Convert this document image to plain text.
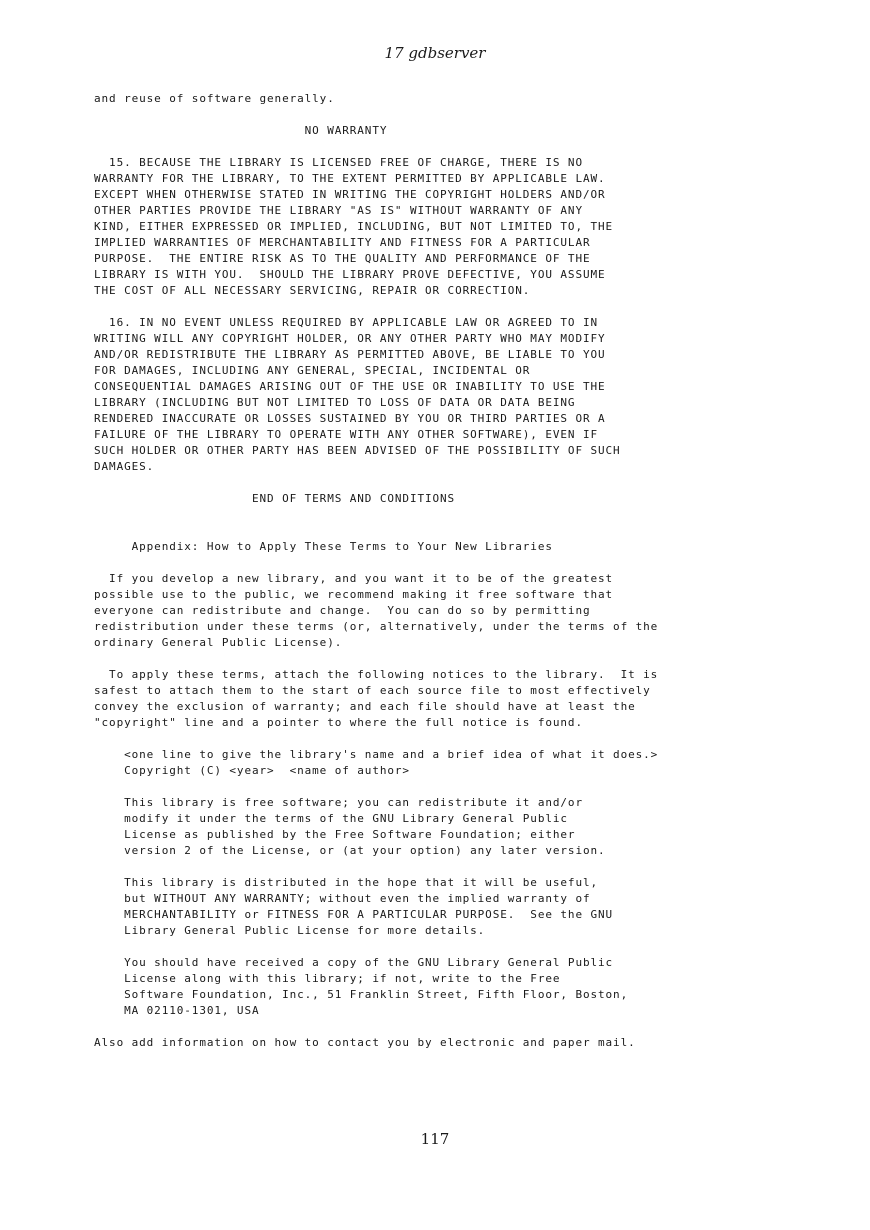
17 gdbserver
and reuse of software generally.

NO WARRANTY

15. BECAUSE THE LIBRARY IS LICENSED FREE OF CHARGE, THERE IS NO
WARRANTY FOR THE LIBRARY, TO THE EXTENT PERMITTED BY APPLICABLE LAW.
EXCEPT WHEN OTHERWISE STATED IN WRITING THE COPYRIGHT HOLDERS AND/OR
OTHER PARTIES PROVIDE THE LIBRARY "AS IS" WITHOUT WARRANTY OF ANY
KIND, EITHER EXPRESSED OR IMPLIED, INCLUDING, BUT NOT LIMITED TO, THE
IMPLIED WARRANTIES OF MERCHANTABILITY AND FITNESS FOR A PARTICULAR
PURPOSE.  THE ENTIRE RISK AS TO THE QUALITY AND PERFORMANCE OF THE
LIBRARY IS WITH YOU.  SHOULD THE LIBRARY PROVE DEFECTIVE, YOU ASSUME
THE COST OF ALL NECESSARY SERVICING, REPAIR OR CORRECTION.

16. IN NO EVENT UNLESS REQUIRED BY APPLICABLE LAW OR AGREED TO IN
WRITING WILL ANY COPYRIGHT HOLDER, OR ANY OTHER PARTY WHO MAY MODIFY
AND/OR REDISTRIBUTE THE LIBRARY AS PERMITTED ABOVE, BE LIABLE TO YOU
FOR DAMAGES, INCLUDING ANY GENERAL, SPECIAL, INCIDENTAL OR
CONSEQUENTIAL DAMAGES ARISING OUT OF THE USE OR INABILITY TO USE THE
LIBRARY (INCLUDING BUT NOT LIMITED TO LOSS OF DATA OR DATA BEING
RENDERED INACCURATE OR LOSSES SUSTAINED BY YOU OR THIRD PARTIES OR A
FAILURE OF THE LIBRARY TO OPERATE WITH ANY OTHER SOFTWARE), EVEN IF
SUCH HOLDER OR OTHER PARTY HAS BEEN ADVISED OF THE POSSIBILITY OF SUCH
DAMAGES.

END OF TERMS AND CONDITIONS

Appendix: How to Apply These Terms to Your New Libraries

If you develop a new library, and you want it to be of the greatest
possible use to the public, we recommend making it free software that
everyone can redistribute and change.  You can do so by permitting
redistribution under these terms (or, alternatively, under the terms of the
ordinary General Public License).

To apply these terms, attach the following notices to the library.  It is
safest to attach them to the start of each source file to most effectively
convey the exclusion of warranty; and each file should have at least the
"copyright" line and a pointer to where the full notice is found.

<one line to give the library's name and a brief idea of what it does.>
Copyright (C) <year>  <name of author>

This library is free software; you can redistribute it and/or
modify it under the terms of the GNU Library General Public
License as published by the Free Software Foundation; either
version 2 of the License, or (at your option) any later version.

This library is distributed in the hope that it will be useful,
but WITHOUT ANY WARRANTY; without even the implied warranty of
MERCHANTABILITY or FITNESS FOR A PARTICULAR PURPOSE.  See the GNU
Library General Public License for more details.

You should have received a copy of the GNU Library General Public
License along with this library; if not, write to the Free
Software Foundation, Inc., 51 Franklin Street, Fifth Floor, Boston,
MA 02110-1301, USA

Also add information on how to contact you by electronic and paper mail.
117
